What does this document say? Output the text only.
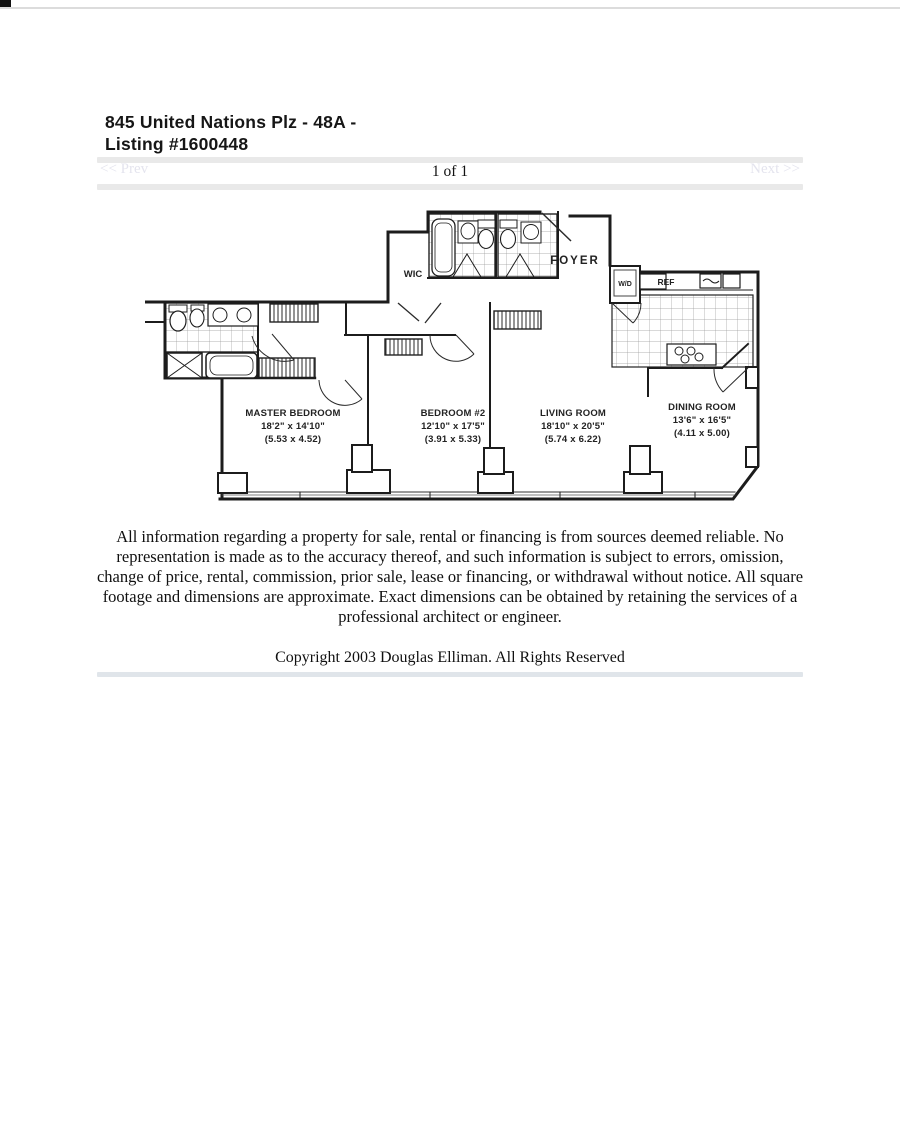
845 United Nations Plz - 48A -
Listing #1600448
<< Prev	1 of 1	Next >>
WIC
FOYER
W/D	REF
MASTER BEDROOM
18'2" x 14'10"
(5.53 x 4.52)
BEDROOM #2
12'10" x 17'5"
(3.91 x 5.33)
LIVING ROOM
18'10" x 20'5"
(5.74 x 6.22)
DINING ROOM
13'6" x 16'5"
(4.11 x 5.00)
All information regarding a property for sale, rental or financing is from sources deemed reliable. No representation is made as to the accuracy thereof, and such information is subject to errors, omission, change of price, rental, commission, prior sale, lease or financing, or withdrawal without notice. All square footage and dimensions are approximate. Exact dimensions can be obtained by retaining the services of a professional architect or engineer.
Copyright 2003 Douglas Elliman. All Rights Reserved
